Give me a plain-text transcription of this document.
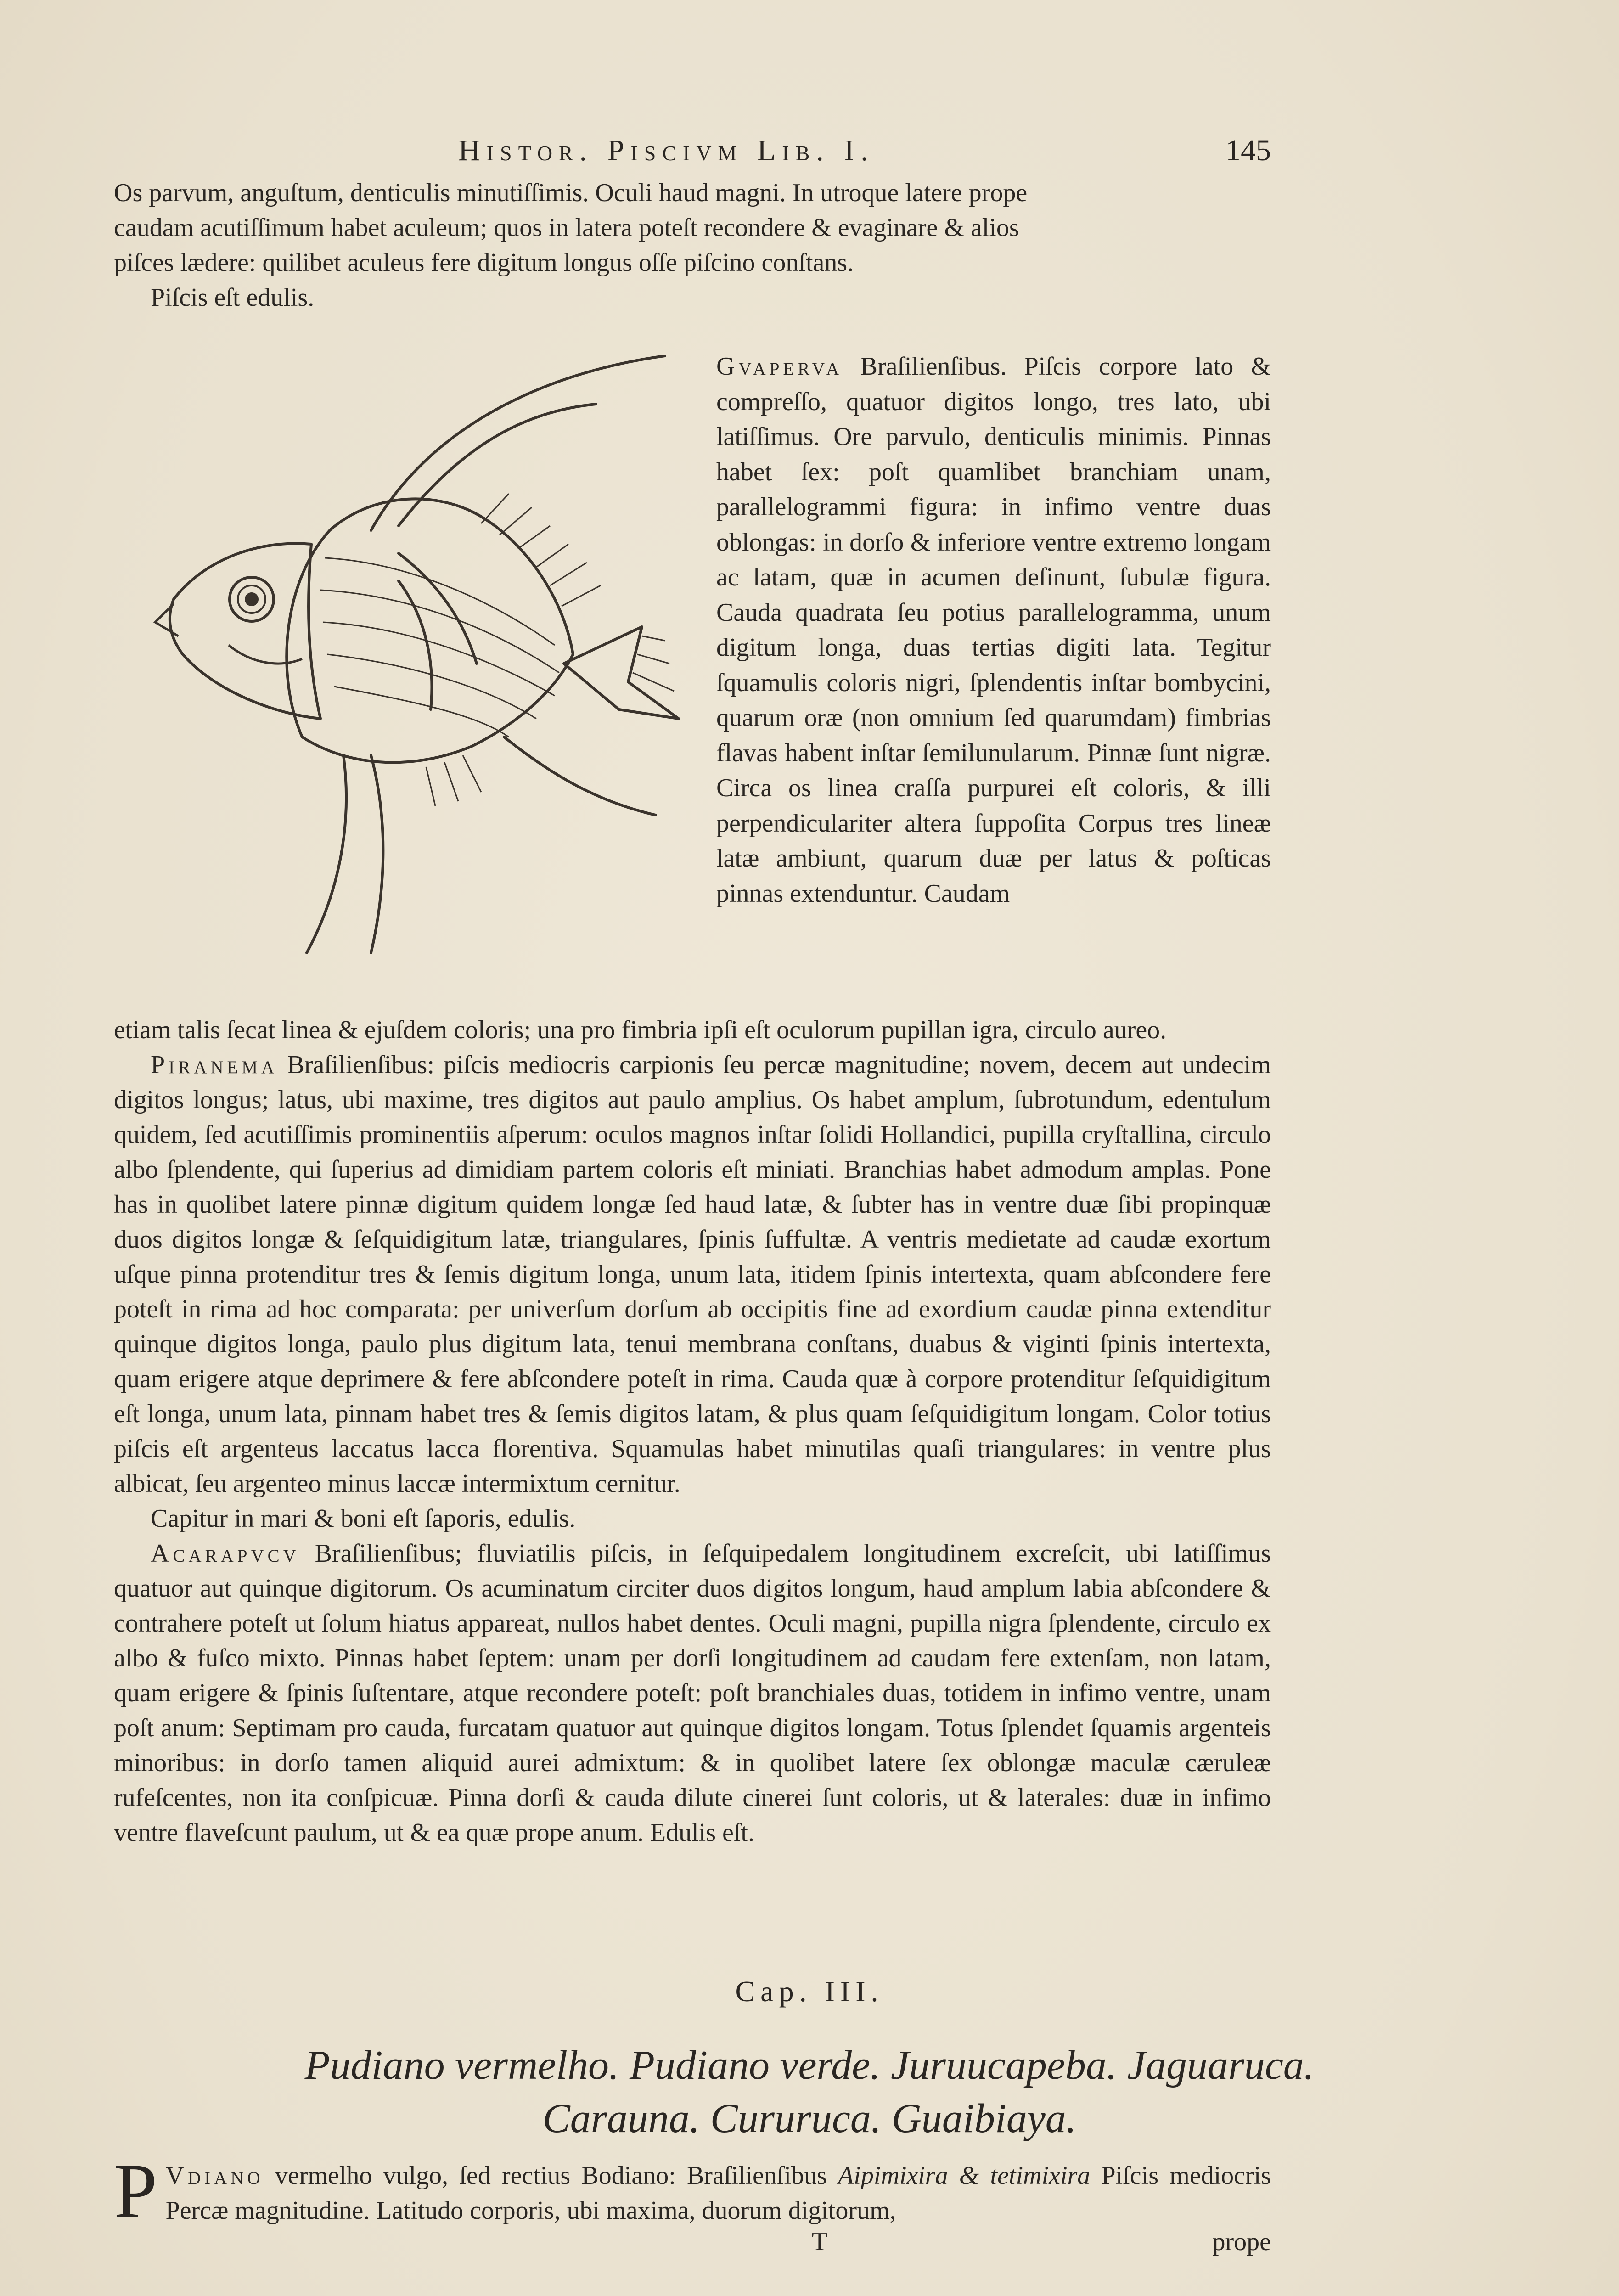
Histor. Piscivm Lib. I.	145

Os parvum, anguſtum, denticulis minutiſſimis. Oculi haud magni. In utroque latere prope

caudam acutiſſimum habet aculeum; quos in latera poteſt recondere & evaginare & alios

piſces lædere: quilibet aculeus fere digitum longus oſſe piſcino conſtans.

Piſcis eſt edulis.

Gvaperva Braſilienſibus. Piſcis corpore lato & compreſſo, quatuor digitos longo, tres lato, ubi latiſſimus. Ore parvulo, denticulis minimis. Pinnas habet ſex: poſt quamlibet branchiam unam, parallelogrammi figura: in infimo ventre duas oblongas: in dorſo & inferiore ventre extremo longam ac latam, quæ in acumen deſinunt, ſubulæ figura. Cauda quadrata ſeu potius parallelogramma, unum digitum longa, duas tertias digiti lata. Tegitur ſquamulis coloris nigri, ſplendentis inſtar bombycini, quarum oræ (non omnium ſed quarumdam) fimbrias flavas habent inſtar ſemilunularum. Pinnæ ſunt nigræ. Circa os linea craſſa purpurei eſt coloris, & illi perpendiculariter altera ſuppoſita Corpus tres lineæ latæ ambiunt, quarum duæ per latus & poſticas pinnas extenduntur. Caudam

etiam talis ſecat linea & ejuſdem coloris; una pro fimbria ipſi eſt oculorum pupillan igra, circulo aureo.

Piranema Braſilienſibus: piſcis mediocris carpionis ſeu percæ magnitudine; novem, decem aut undecim digitos longus; latus, ubi maxime, tres digitos aut paulo amplius. Os habet amplum, ſubrotundum, edentulum quidem, ſed acutiſſimis prominentiis aſperum: oculos magnos inſtar ſolidi Hollandici, pupilla cryſtallina, circulo albo ſplendente, qui ſuperius ad dimidiam partem coloris eſt miniati. Branchias habet admodum amplas. Pone has in quolibet latere pinnæ digitum quidem longæ ſed haud latæ, & ſubter has in ventre duæ ſibi propinquæ duos digitos longæ & ſeſquidigitum latæ, triangulares, ſpinis ſuffultæ. A ventris medietate ad caudæ exortum uſque pinna protenditur tres & ſemis digitum longa, unum lata, itidem ſpinis intertexta, quam abſcondere fere poteſt in rima ad hoc comparata: per univerſum dorſum ab occipitis fine ad exordium caudæ pinna extenditur quinque digitos longa, paulo plus digitum lata, tenui membrana conſtans, duabus & viginti ſpinis intertexta, quam erigere atque deprimere & fere abſcondere poteſt in rima. Cauda quæ à corpore protenditur ſeſquidigitum eſt longa, unum lata, pinnam habet tres & ſemis digitos latam, & plus quam ſeſquidigitum longam. Color totius piſcis eſt argenteus laccatus lacca florentiva. Squamulas habet minutilas quaſi triangulares: in ventre plus albicat, ſeu argenteo minus laccæ intermixtum cernitur.

Capitur in mari & boni eſt ſaporis, edulis.

Acarapvcv Braſilienſibus; fluviatilis piſcis, in ſeſquipedalem longitudinem excreſcit, ubi latiſſimus quatuor aut quinque digitorum. Os acuminatum circiter duos digitos longum, haud amplum labia abſcondere & contrahere poteſt ut ſolum hiatus appareat, nullos habet dentes. Oculi magni, pupilla nigra ſplendente, circulo ex albo & fuſco mixto. Pinnas habet ſeptem: unam per dorſi longitudinem ad caudam fere extenſam, non latam, quam erigere & ſpinis ſuſtentare, atque recondere poteſt: poſt branchiales duas, totidem in infimo ventre, unam poſt anum: Septimam pro cauda, furcatam quatuor aut quinque digitos longam. Totus ſplendet ſquamis argenteis minoribus: in dorſo tamen aliquid aurei admixtum: & in quolibet latere ſex oblongæ maculæ cæruleæ rufeſcentes, non ita conſpicuæ. Pinna dorſi & cauda dilute cinerei ſunt coloris, ut & laterales: duæ in infimo ventre flaveſcunt paulum, ut & ea quæ prope anum. Edulis eſt.

Cap. III.
Pudiano vermelho. Pudiano verde. Juruucapeba. Jaguaruca.
Carauna. Cururuca. Guaibiaya.
P Vdiano vermelho vulgo, ſed rectius Bodiano: Braſilienſibus Aipimixira & tetimixira Piſcis mediocris Percæ magnitudine. Latitudo corporis, ubi maxima, duorum digitorum,

T	prope
